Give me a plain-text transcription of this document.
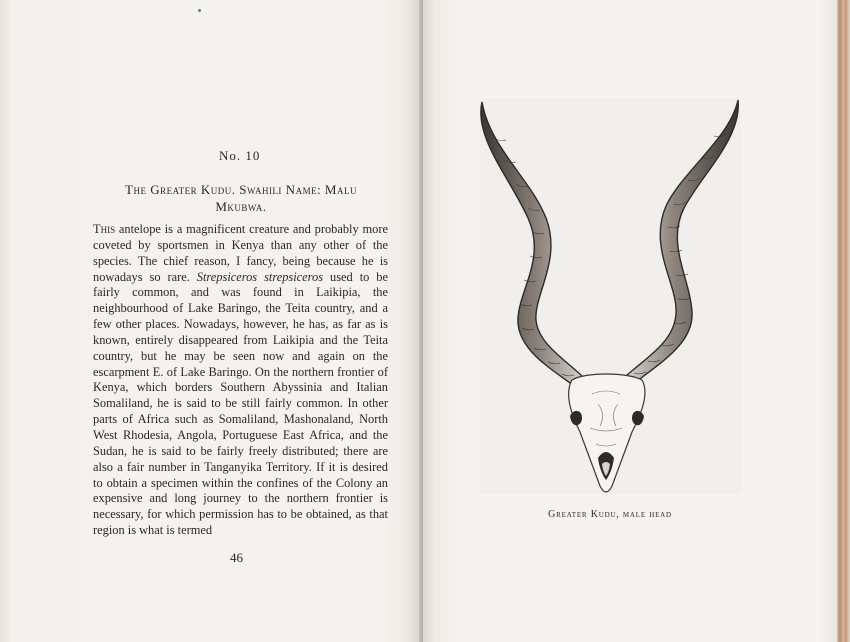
No. 10
The Greater Kudu. Swahili Name: Malu
Mkubwa.
This antelope is a magnificent creature and probably more coveted by sportsmen in Kenya than any other of the species. The chief reason, I fancy, being because he is nowadays so rare. Strepsiceros strepsiceros used to be fairly common, and was found in Laikipia, the neighbourhood of Lake Baringo, the Teita country, and a few other places. Nowadays, however, he has, as far as is known, entirely disappeared from Laikipia and the Teita country, but he may be seen now and again on the escarpment E. of Lake Baringo. On the northern frontier of Kenya, which borders Southern Abyssinia and Italian Somaliland, he is said to be still fairly common. In other parts of Africa such as Somaliland, Mashonaland, North West Rhodesia, Angola, Portuguese East Africa, and the Sudan, he is said to be fairly freely distributed; there are also a fair number in Tanganyika Territory. If it is desired to obtain a specimen within the confines of the Colony an expensive and long journey to the northern frontier is necessary, for which permission has to be obtained, as that region is what is termed
46
Greater Kudu, male head
